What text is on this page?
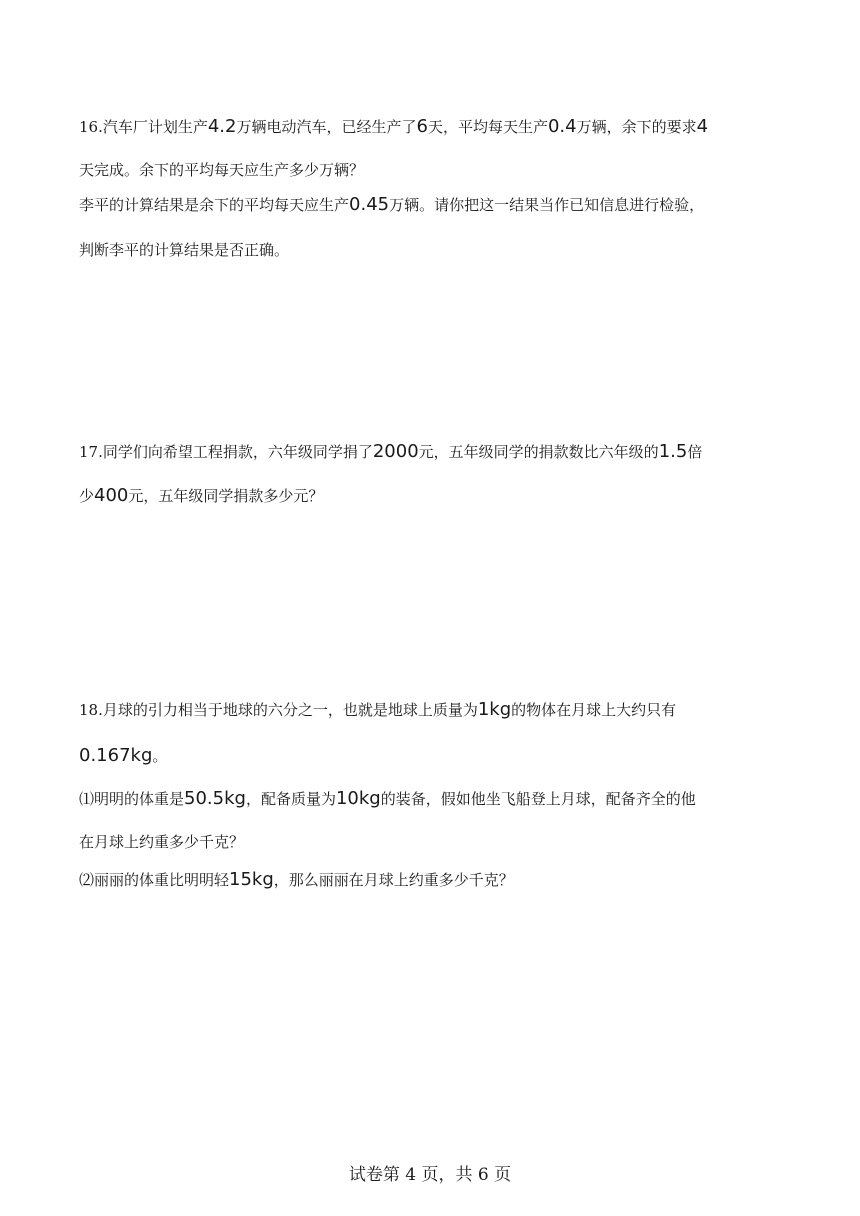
16.汽车厂计划生产4.2万辆电动汽车，已经生产了6天，平均每天生产0.4万辆，余下的要求4
天完成。余下的平均每天应生产多少万辆？
李平的计算结果是余下的平均每天应生产0.45万辆。请你把这一结果当作已知信息进行检验，
判断李平的计算结果是否正确。
17.同学们向希望工程捐款，六年级同学捐了2000元，五年级同学的捐款数比六年级的1.5倍
少400元，五年级同学捐款多少元？
18.月球的引力相当于地球的六分之一，也就是地球上质量为1kg的物体在月球上大约只有
0.167kg。
⑴明明的体重是50.5kg，配备质量为10kg的装备，假如他坐飞船登上月球，配备齐全的他
在月球上约重多少千克？
⑵丽丽的体重比明明轻15kg，那么丽丽在月球上约重多少千克？
试卷第 4 页，共 6 页
